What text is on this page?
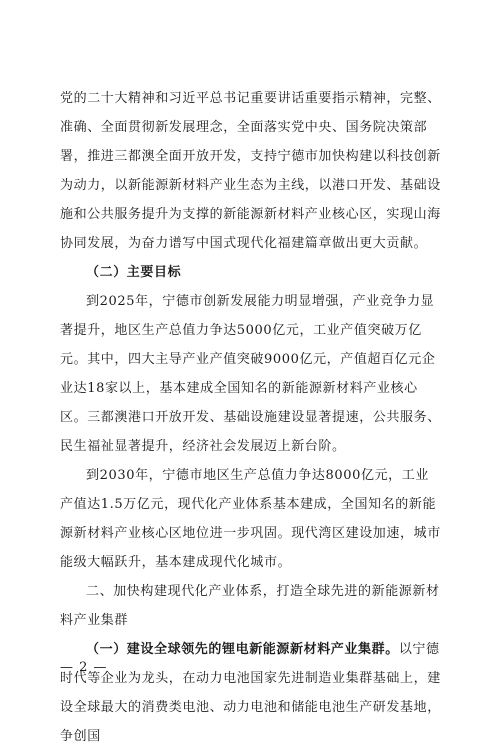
党的二十大精神和习近平总书记重要讲话重要指示精神，完整、准确、全面贯彻新发展理念，全面落实党中央、国务院决策部署，推进三都澳全面开放开发，支持宁德市加快构建以科技创新为动力，以新能源新材料产业生态为主线，以港口开发、基础设施和公共服务提升为支撑的新能源新材料产业核心区，实现山海协同发展，为奋力谱写中国式现代化福建篇章做出更大贡献。

（二）主要目标

到2025年，宁德市创新发展能力明显增强，产业竞争力显著提升，地区生产总值力争达5000亿元，工业产值突破万亿元。其中，四大主导产业产值突破9000亿元，产值超百亿元企业达18家以上，基本建成全国知名的新能源新材料产业核心区。三都澳港口开放开发、基础设施建设显著提速，公共服务、民生福祉显著提升，经济社会发展迈上新台阶。

到2030年，宁德市地区生产总值力争达8000亿元，工业产值达1.5万亿元，现代化产业体系基本建成，全国知名的新能源新材料产业核心区地位进一步巩固。现代湾区建设加速，城市能级大幅跃升，基本建成现代化城市。

二、加快构建现代化产业体系，打造全球先进的新能源新材料产业集群

（一）建设全球领先的锂电新能源新材料产业集群。以宁德时代等企业为龙头，在动力电池国家先进制造业集群基础上，建设全球最大的消费类电池、动力电池和储能电池生产研发基地，争创国

— 2 —
